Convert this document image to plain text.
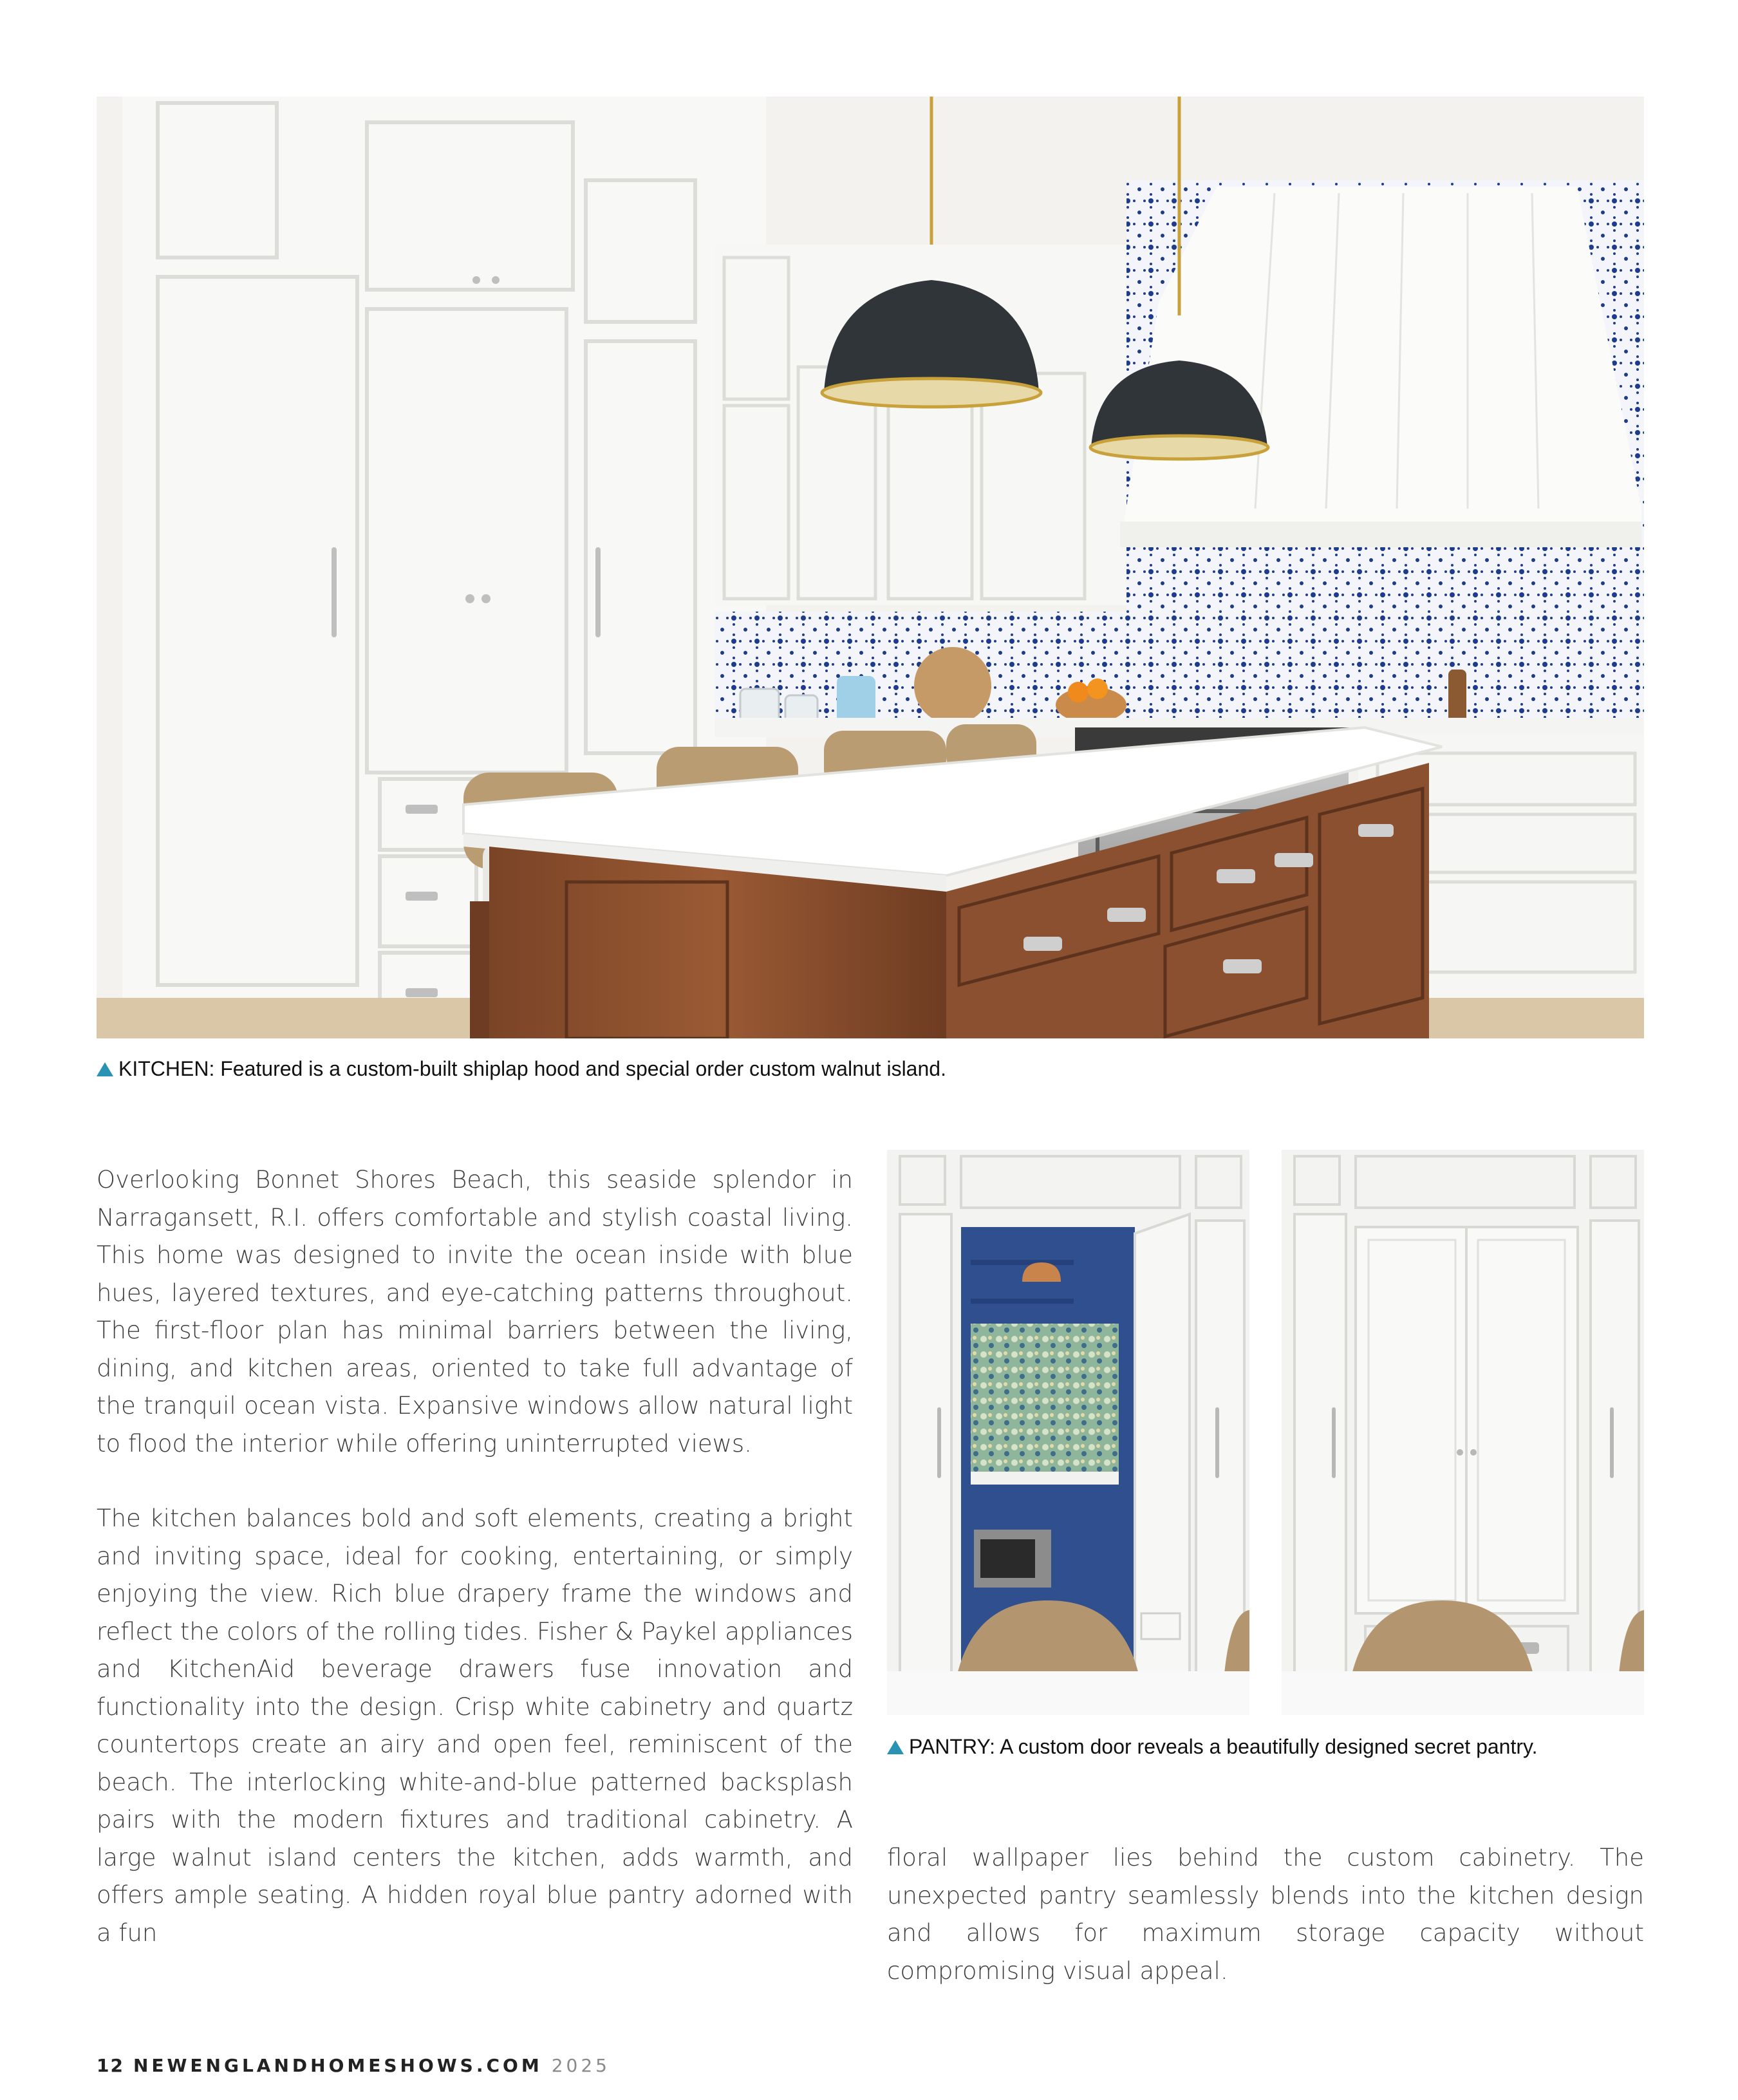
KITCHEN: Featured is a custom-built shiplap hood and special order custom walnut island.

Overlooking Bonnet Shores Beach, this seaside splendor in Narragansett, R.I. offers comfortable and stylish coastal living. This home was designed to invite the ocean inside with blue hues, layered textures, and eye-catching patterns throughout. The first-floor plan has minimal barriers between the living, dining, and kitchen areas, oriented to take full advantage of the tranquil ocean vista. Expansive windows allow natural light to flood the interior while offering uninterrupted views.

The kitchen balances bold and soft elements, creating a bright and inviting space, ideal for cooking, entertaining, or simply enjoying the view. Rich blue drapery frame the windows and reflect the colors of the rolling tides. Fisher & Paykel appliances and KitchenAid beverage drawers fuse innovation and functionality into the design. Crisp white cabinetry and quartz countertops create an airy and open feel, reminiscent of the beach. The interlocking white-and-blue patterned backsplash pairs with the modern fixtures and traditional cabinetry. A large walnut island centers the kitchen, adds warmth, and offers ample seating. A hidden royal blue pantry adorned with a fun

PANTRY: A custom door reveals a beautifully designed secret pantry.

floral wallpaper lies behind the custom cabinetry. The unexpected pantry seamlessly blends into the kitchen design and allows for maximum storage capacity without compromising visual appeal.

12 NEWENGLANDHOMESHOWS.COM 2025
